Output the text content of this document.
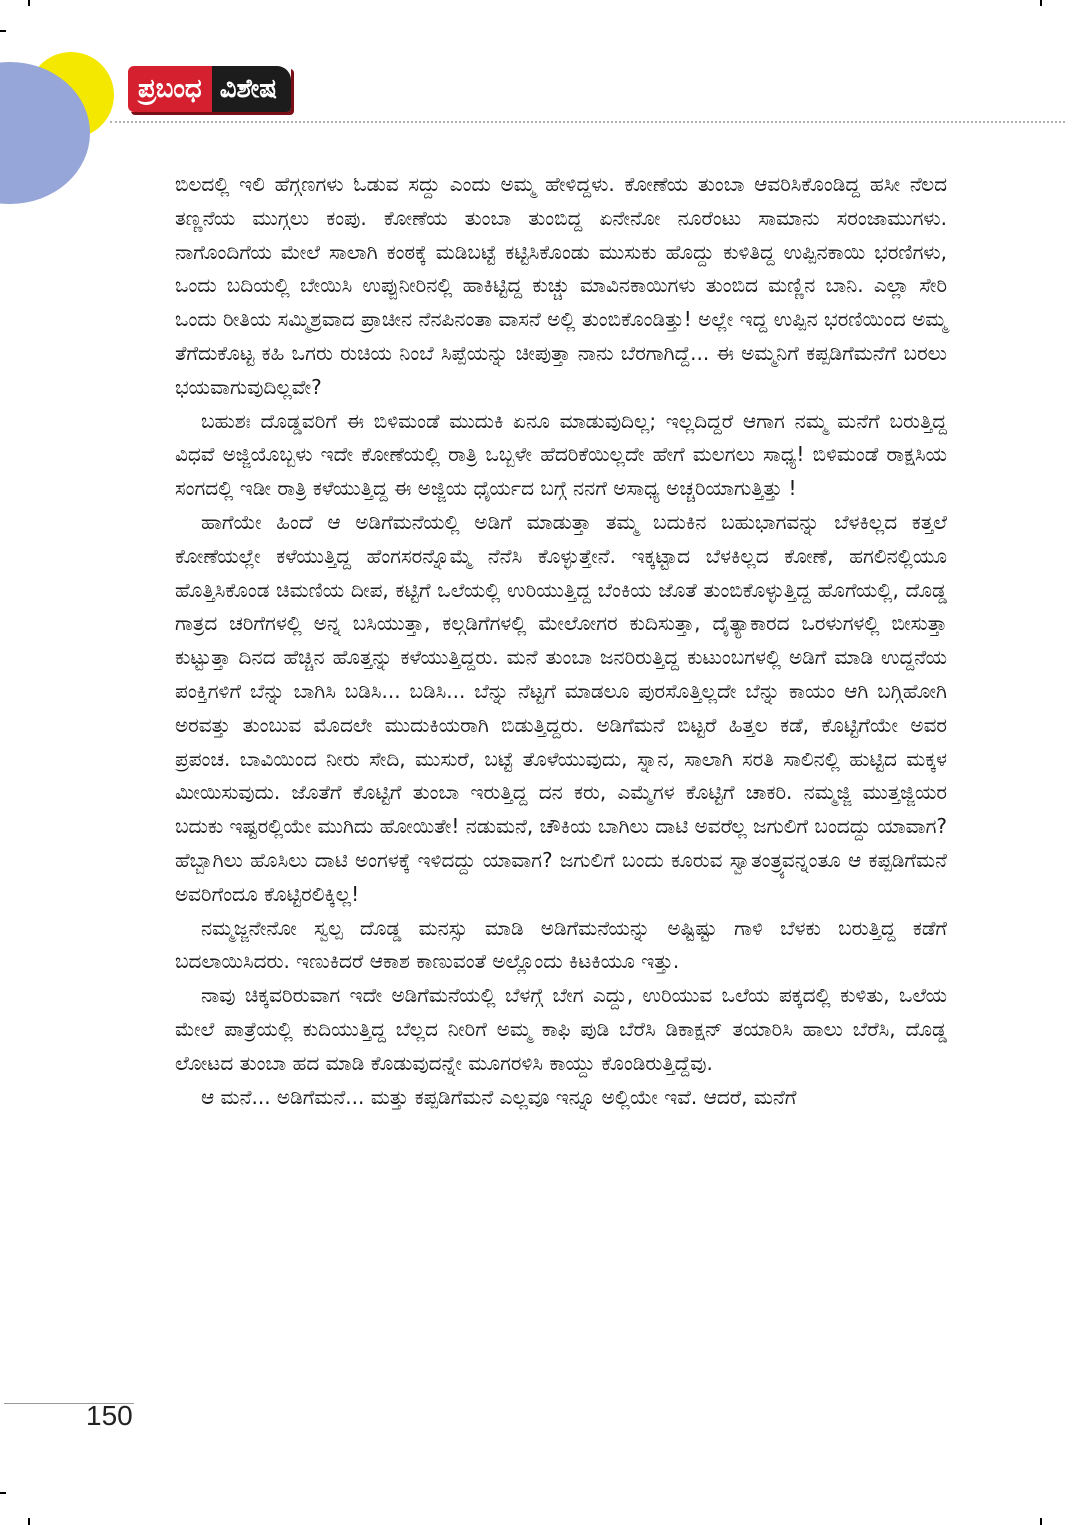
ಪ್ರಬಂಧ ವಿಶೇಷ

ಬಿಲದಲ್ಲಿ ಇಲಿ ಹೆಗ್ಗಣಗಳು ಓಡುವ ಸದ್ದು ಎಂದು ಅಮ್ಮ ಹೇಳಿದ್ದಳು. ಕೋಣೆಯ ತುಂಬಾ ಆವರಿಸಿಕೊಂಡಿದ್ದ ಹಸೀ ನೆಲದ ತಣ್ಣನೆಯ ಮುಗ್ಗಲು ಕಂಪು. ಕೋಣೆಯ ತುಂಬಾ ತುಂಬಿದ್ದ ಏನೇನೋ ನೂರೆಂಟು ಸಾಮಾನು ಸರಂಜಾಮುಗಳು. ನಾಗೊಂದಿಗೆಯ ಮೇಲೆ ಸಾಲಾಗಿ ಕಂಠಕ್ಕೆ ಮಡಿಬಟ್ಟೆ ಕಟ್ಟಿಸಿಕೊಂಡು ಮುಸುಕು ಹೊದ್ದು ಕುಳಿತಿದ್ದ ಉಪ್ಪಿನಕಾಯಿ ಭರಣಿಗಳು, ಒಂದು ಬದಿಯಲ್ಲಿ ಬೇಯಿಸಿ ಉಪ್ಪುನೀರಿನಲ್ಲಿ ಹಾಕಿಟ್ಟಿದ್ದ ಕುಚ್ಚು ಮಾವಿನಕಾಯಿಗಳು ತುಂಬಿದ ಮಣ್ಣಿನ ಬಾನಿ. ಎಲ್ಲಾ ಸೇರಿ ಒಂದು ರೀತಿಯ ಸಮ್ಮಿಶ್ರವಾದ ಪ್ರಾಚೀನ ನೆನಪಿನಂತಾ ವಾಸನೆ ಅಲ್ಲಿ ತುಂಬಿಕೊಂಡಿತ್ತು! ಅಲ್ಲೇ ಇದ್ದ ಉಪ್ಪಿನ ಭರಣಿಯಿಂದ ಅಮ್ಮ ತೆಗೆದುಕೊಟ್ಟ ಕಹಿ ಒಗರು ರುಚಿಯ ನಿಂಬೆ ಸಿಪ್ಪೆಯನ್ನು ಚೀಪುತ್ತಾ ನಾನು ಬೆರಗಾಗಿದ್ದೆ... ಈ ಅಮ್ಮನಿಗೆ ಕಪ್ಪಡಿಗೆಮನೆಗೆ ಬರಲು ಭಯವಾಗುವುದಿಲ್ಲವೇ?

ಬಹುಶಃ ದೊಡ್ಡವರಿಗೆ ಈ ಬಿಳಿಮಂಡೆ ಮುದುಕಿ ಏನೂ ಮಾಡುವುದಿಲ್ಲ; ಇಲ್ಲದಿದ್ದರೆ ಆಗಾಗ ನಮ್ಮ ಮನೆಗೆ ಬರುತ್ತಿದ್ದ ವಿಧವೆ ಅಜ್ಜಿಯೊಬ್ಬಳು ಇದೇ ಕೋಣೆಯಲ್ಲಿ ರಾತ್ರಿ ಒಬ್ಬಳೇ ಹೆದರಿಕೆಯಿಲ್ಲದೇ ಹೇಗೆ ಮಲಗಲು ಸಾಧ್ಯ! ಬಿಳಿಮಂಡೆ ರಾಕ್ಷಸಿಯ ಸಂಗದಲ್ಲಿ ಇಡೀ ರಾತ್ರಿ ಕಳೆಯುತ್ತಿದ್ದ ಈ ಅಜ್ಜಿಯ ಧೈರ್ಯದ ಬಗ್ಗೆ ನನಗೆ ಅಸಾಧ್ಯ ಅಚ್ಚರಿಯಾಗುತ್ತಿತ್ತು !

ಹಾಗೆಯೇ ಹಿಂದೆ ಆ ಅಡಿಗೆಮನೆಯಲ್ಲಿ ಅಡಿಗೆ ಮಾಡುತ್ತಾ ತಮ್ಮ ಬದುಕಿನ ಬಹುಭಾಗವನ್ನು ಬೆಳಕಿಲ್ಲದ ಕತ್ತಲೆ ಕೋಣೆಯಲ್ಲೇ ಕಳೆಯುತ್ತಿದ್ದ ಹೆಂಗಸರನ್ನೊಮ್ಮೆ ನೆನೆಸಿ ಕೊಳ್ಳುತ್ತೇನೆ. ಇಕ್ಕಟ್ಟಾದ ಬೆಳಕಿಲ್ಲದ ಕೋಣೆ, ಹಗಲಿನಲ್ಲಿಯೂ ಹೊತ್ತಿಸಿಕೊಂಡ ಚಿಮಣಿಯ ದೀಪ, ಕಟ್ಟಿಗೆ ಒಲೆಯಲ್ಲಿ ಉರಿಯುತ್ತಿದ್ದ ಬೆಂಕಿಯ ಜೊತೆ ತುಂಬಿಕೊಳ್ಳುತ್ತಿದ್ದ ಹೊಗೆಯಲ್ಲಿ, ದೊಡ್ಡ ಗಾತ್ರದ ಚರಿಗೆಗಳಲ್ಲಿ ಅನ್ನ ಬಸಿಯುತ್ತಾ, ಕಲ್ಗಡಿಗೆಗಳಲ್ಲಿ ಮೇಲೋಗರ ಕುದಿಸುತ್ತಾ, ದೈತ್ಯಾಕಾರದ ಒರಳುಗಳಲ್ಲಿ ಬೀಸುತ್ತಾ ಕುಟ್ಟುತ್ತಾ ದಿನದ ಹೆಚ್ಚಿನ ಹೊತ್ತನ್ನು ಕಳೆಯುತ್ತಿದ್ದರು. ಮನೆ ತುಂಬಾ ಜನರಿರುತ್ತಿದ್ದ ಕುಟುಂಬಗಳಲ್ಲಿ ಅಡಿಗೆ ಮಾಡಿ ಉದ್ದನೆಯ ಪಂಕ್ತಿಗಳಿಗೆ ಬೆನ್ನು ಬಾಗಿಸಿ ಬಡಿಸಿ... ಬಡಿಸಿ... ಬೆನ್ನು ನೆಟ್ಟಗೆ ಮಾಡಲೂ ಪುರಸೊತ್ತಿಲ್ಲದೇ ಬೆನ್ನು ಕಾಯಂ ಆಗಿ ಬಗ್ಗಿಹೋಗಿ ಅರವತ್ತು ತುಂಬುವ ಮೊದಲೇ ಮುದುಕಿಯರಾಗಿ ಬಿಡುತ್ತಿದ್ದರು. ಅಡಿಗೆಮನೆ ಬಿಟ್ಟರೆ ಹಿತ್ತಲ ಕಡೆ, ಕೊಟ್ಟಿಗೆಯೇ ಅವರ ಪ್ರಪಂಚ. ಬಾವಿಯಿಂದ ನೀರು ಸೇದಿ, ಮುಸುರೆ, ಬಟ್ಟೆ ತೊಳೆಯುವುದು, ಸ್ನಾನ, ಸಾಲಾಗಿ ಸರತಿ ಸಾಲಿನಲ್ಲಿ ಹುಟ್ಟಿದ ಮಕ್ಕಳ ಮೀಯಿಸುವುದು. ಜೊತೆಗೆ ಕೊಟ್ಟಿಗೆ ತುಂಬಾ ಇರುತ್ತಿದ್ದ ದನ ಕರು, ಎಮ್ಮೆಗಳ ಕೊಟ್ಟಿಗೆ ಚಾಕರಿ. ನಮ್ಮಜ್ಜಿ ಮುತ್ತಜ್ಜಿಯರ ಬದುಕು ಇಷ್ಟರಲ್ಲಿಯೇ ಮುಗಿದು ಹೋಯಿತೇ! ನಡುಮನೆ, ಚೌಕಿಯ ಬಾಗಿಲು ದಾಟಿ ಅವರೆಲ್ಲ ಜಗುಲಿಗೆ ಬಂದದ್ದು ಯಾವಾಗ? ಹೆಬ್ಬಾಗಿಲು ಹೊಸಿಲು ದಾಟಿ ಅಂಗಳಕ್ಕೆ ಇಳಿದದ್ದು ಯಾವಾಗ? ಜಗುಲಿಗೆ ಬಂದು ಕೂರುವ ಸ್ವಾತಂತ್ರ್ಯವನ್ನಂತೂ ಆ ಕಪ್ಪಡಿಗೆಮನೆ ಅವರಿಗೆಂದೂ ಕೊಟ್ಟಿರಲಿಕ್ಕಿಲ್ಲ!

ನಮ್ಮಜ್ಜನೇನೋ ಸ್ವಲ್ಪ ದೊಡ್ಡ ಮನಸ್ಸು ಮಾಡಿ ಅಡಿಗೆಮನೆಯನ್ನು ಅಷ್ಟಿಷ್ಟು ಗಾಳಿ ಬೆಳಕು ಬರುತ್ತಿದ್ದ ಕಡೆಗೆ ಬದಲಾಯಿಸಿದರು. ಇಣುಕಿದರೆ ಆಕಾಶ ಕಾಣುವಂತೆ ಅಲ್ಲೊಂದು ಕಿಟಕಿಯೂ ಇತ್ತು.

ನಾವು ಚಿಕ್ಕವರಿರುವಾಗ ಇದೇ ಅಡಿಗೆಮನೆಯಲ್ಲಿ ಬೆಳಗ್ಗೆ ಬೇಗ ಎದ್ದು, ಉರಿಯುವ ಒಲೆಯ ಪಕ್ಕದಲ್ಲಿ ಕುಳಿತು, ಒಲೆಯ ಮೇಲೆ ಪಾತ್ರೆಯಲ್ಲಿ ಕುದಿಯುತ್ತಿದ್ದ ಬೆಲ್ಲದ ನೀರಿಗೆ ಅಮ್ಮ ಕಾಫಿ ಪುಡಿ ಬೆರೆಸಿ ಡಿಕಾಕ್ಷನ್ ತಯಾರಿಸಿ ಹಾಲು ಬೆರೆಸಿ, ದೊಡ್ಡ ಲೋಟದ ತುಂಬಾ ಹದ ಮಾಡಿ ಕೊಡುವುದನ್ನೇ ಮೂಗರಳಿಸಿ ಕಾಯ್ದು ಕೊಂಡಿರುತ್ತಿದ್ದೆವು.

ಆ ಮನೆ... ಅಡಿಗೆಮನೆ... ಮತ್ತು ಕಪ್ಪಡಿಗೆಮನೆ ಎಲ್ಲವೂ ಇನ್ನೂ ಅಲ್ಲಿಯೇ ಇವೆ. ಆದರೆ, ಮನೆಗೆ

150
